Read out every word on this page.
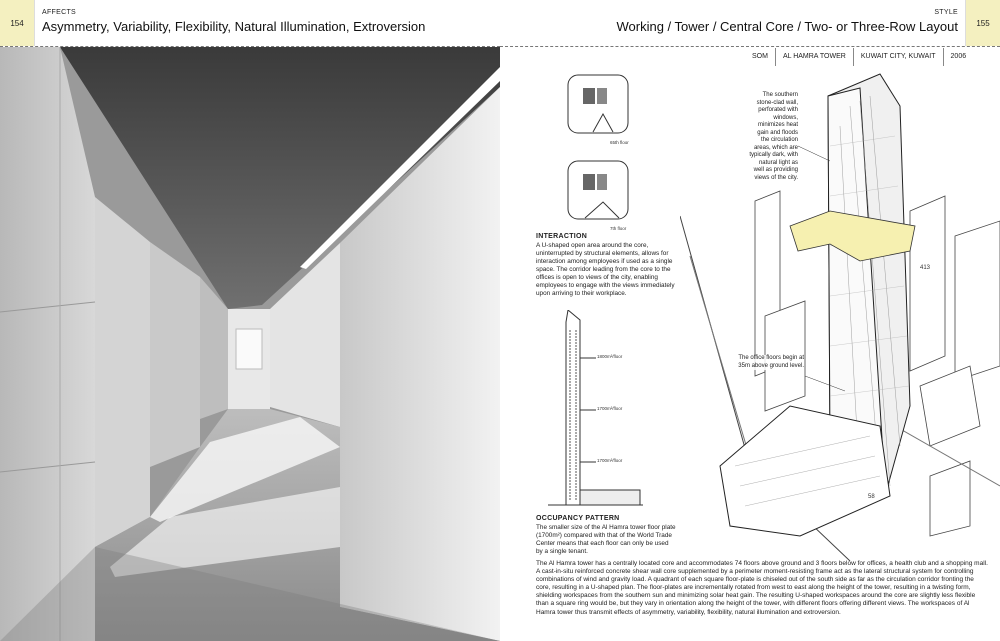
154
AFFECTS
Asymmetry, Variability, Flexibility, Natural Illumination, Extroversion
STYLE
Working / Tower / Central Core / Two- or Three-Row Layout	155
SOM	AL HAMRA TOWER	KUWAIT CITY, KUWAIT	2006
65th floor
7th floor
INTERACTION
A U-shaped open area around the core, uninterrupted by structural elements, allows for interaction among employees if used as a single space. The corridor leading from the core to the offices is open to views of the city, enabling employees to engage with the views immediately upon arriving to their workplace.
1800m²/floor
1700m²/floor
1700m²/floor
OCCUPANCY PATTERN
The smaller size of the Al Hamra tower floor plate (1700m²) compared with that of the World Trade Center means that each floor can only be used by a single tenant.
The southern stone-clad wall, perforated with windows, minimizes heat gain and floods the circulation areas, which are typically dark, with natural light as well as providing views of the city.
The office floors begin at 35m above ground level.
413
58
The Al Hamra tower has a centrally located core and accommodates 74 floors above ground and 3 floors below for offices, a health club and a shopping mall. A cast-in-situ reinforced concrete shear wall core supplemented by a perimeter moment-resisting frame act as the lateral structural system for controlling combinations of wind and gravity load. A quadrant of each square floor-plate is chiseled out of the south side as far as the circulation corridor fronting the core, resulting in a U-shaped plan. The floor-plates are incrementally rotated from west to east along the height of the tower, resulting in a twisting form, shielding workspaces from the southern sun and minimizing solar heat gain. The resulting U-shaped workspaces around the core are slightly less flexible than a square ring would be, but they vary in orientation along the height of the tower, with different floors offering different views. The workspaces of Al Hamra tower thus transmit effects of asymmetry, variability, flexibility, natural illumination and extroversion.
